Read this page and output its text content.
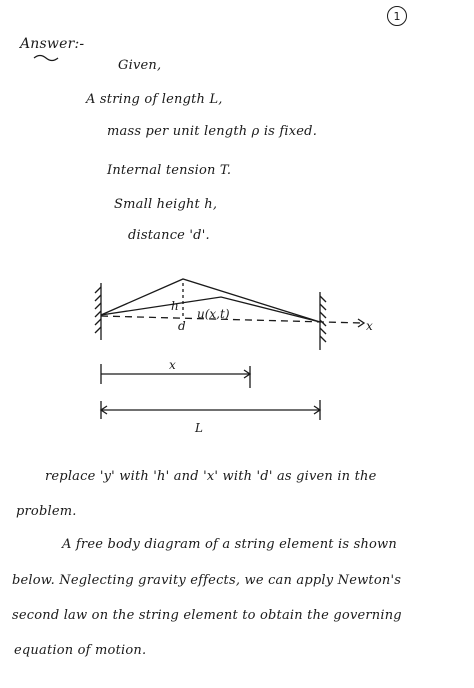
1
Answer:-
Given,
A string of length L,
mass per unit length ρ is fixed.
Internal tension T.
Small height h,
distance 'd'.
h
d
u(x,t)
x
x
L
replace 'y' with 'h' and 'x' with 'd' as given in the
problem.
A free body diagram of a string element is shown
below. Neglecting gravity effects, we can apply Newton's
second law on the string element to obtain the governing
equation of motion.
